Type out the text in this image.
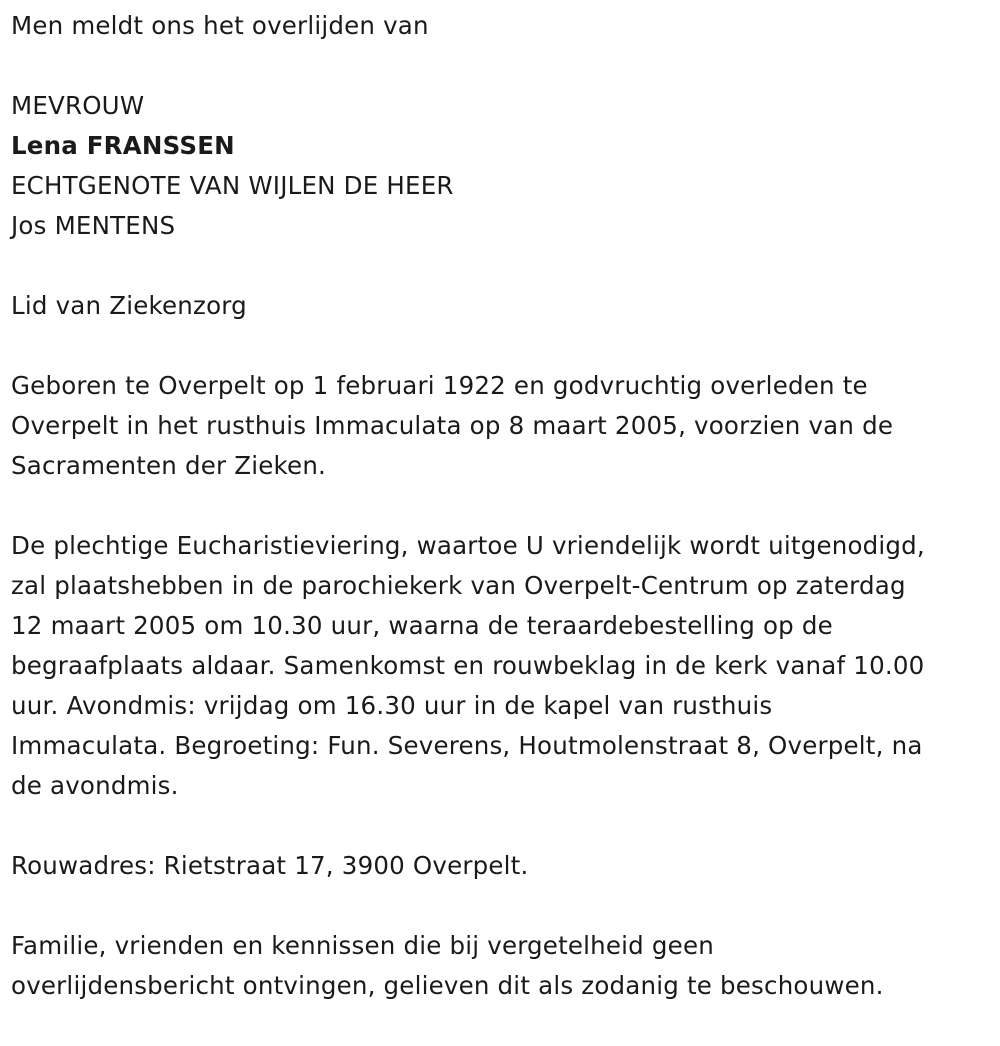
Men meldt ons het overlijden van
MEVROUW
Lena FRANSSEN
ECHTGENOTE VAN WIJLEN DE HEER
Jos MENTENS
Lid van Ziekenzorg
Geboren te Overpelt op 1 februari 1922 en godvruchtig overleden te
Overpelt in het rusthuis Immaculata op 8 maart 2005, voorzien van de
Sacramenten der Zieken.
De plechtige Eucharistieviering, waartoe U vriendelijk wordt uitgenodigd,
zal plaatshebben in de parochiekerk van Overpelt-Centrum op zaterdag
12 maart 2005 om 10.30 uur, waarna de teraardebestelling op de
begraafplaats aldaar. Samenkomst en rouwbeklag in de kerk vanaf 10.00
uur. Avondmis: vrijdag om 16.30 uur in de kapel van rusthuis
Immaculata. Begroeting: Fun. Severens, Houtmolenstraat 8, Overpelt, na
de avondmis.
Rouwadres: Rietstraat 17, 3900 Overpelt.
Familie, vrienden en kennissen die bij vergetelheid geen
overlijdensbericht ontvingen, gelieven dit als zodanig te beschouwen.
